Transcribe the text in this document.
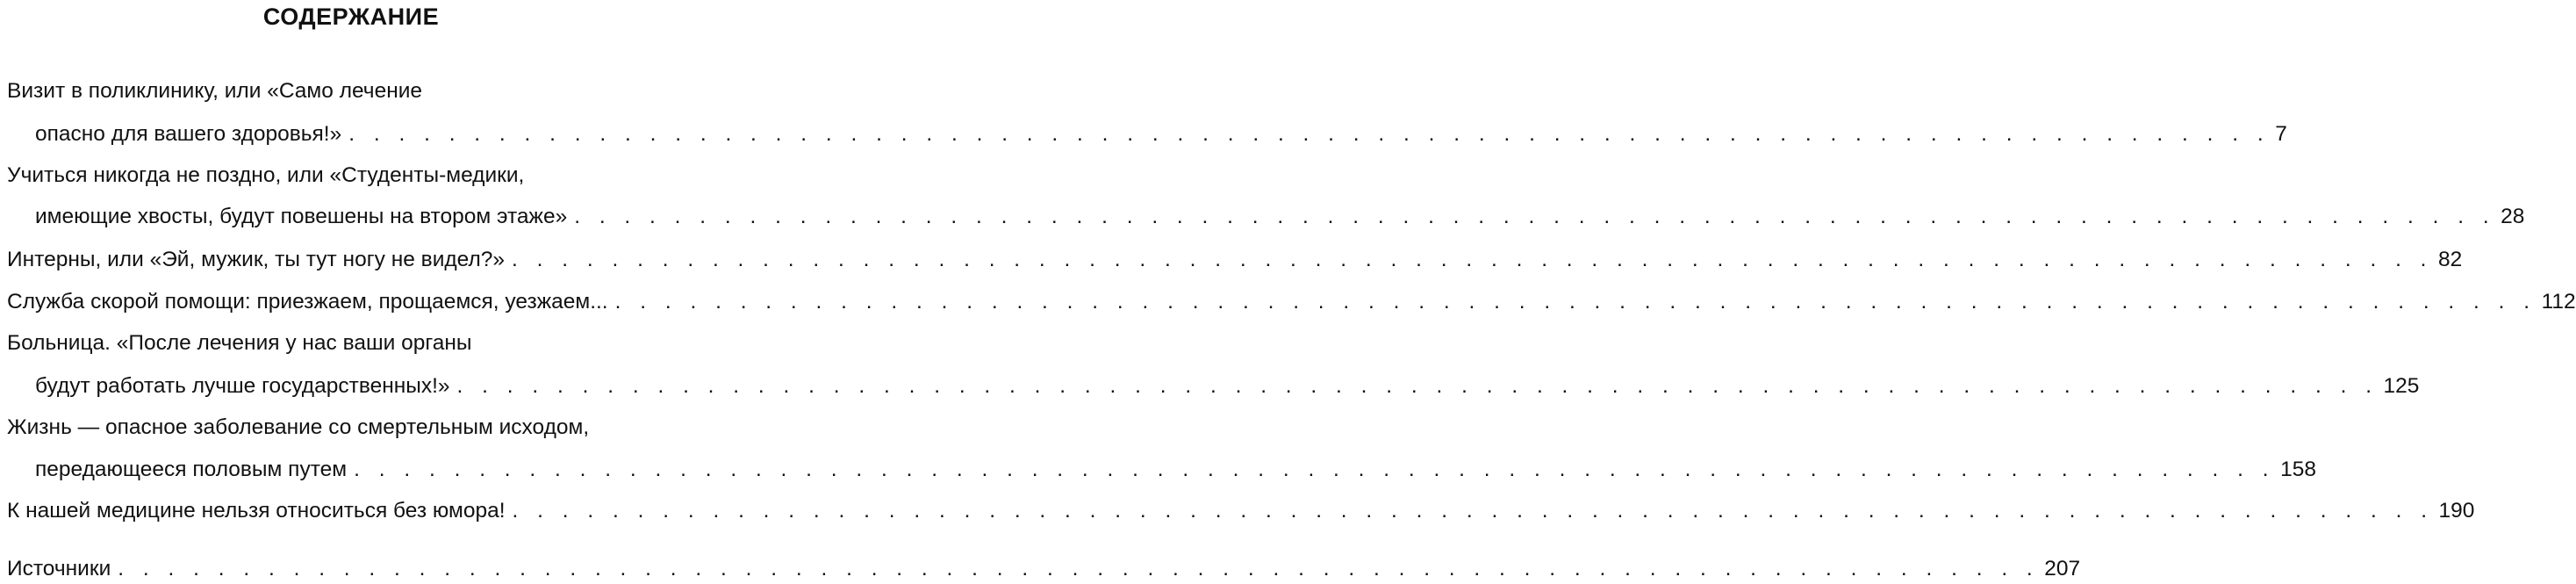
СОДЕРЖАНИЕ
Визит в поликлинику, или «Само лечение
опасно для вашего здоровья!» . . . . . . . . . . . . . . . . . . . . . . . . . . . . . . . . . . . . . . . . . . . . . . . . . . . . . . . . . . . . . . . . . . . . . . . . . . . . . 7
Учиться никогда не поздно, или «Студенты-медики,
имеющие хвосты, будут повешены на втором этаже» . . . . . . . . . . . . . . . . . . . . . . . . . . . . . . . . . . . . . . . . . . . . . . . . . . . . . . . . . . . . . . . . . . . . . . . . . . . . . 28
Интерны, или «Эй, мужик, ты тут ногу не видел?» . . . . . . . . . . . . . . . . . . . . . . . . . . . . . . . . . . . . . . . . . . . . . . . . . . . . . . . . . . . . . . . . . . . . . . . . . . . . . 82
Служба скорой помощи: приезжаем, прощаемся, уезжаем... . . . . . . . . . . . . . . . . . . . . . . . . . . . . . . . . . . . . . . . . . . . . . . . . . . . . . . . . . . . . . . . . . . . . . . . . . . . . . 112
Больница. «После лечения у нас ваши органы
будут работать лучше государственных!» . . . . . . . . . . . . . . . . . . . . . . . . . . . . . . . . . . . . . . . . . . . . . . . . . . . . . . . . . . . . . . . . . . . . . . . . . . . . . 125
Жизнь — опасное заболевание со смертельным исходом,
передающееся половым путем . . . . . . . . . . . . . . . . . . . . . . . . . . . . . . . . . . . . . . . . . . . . . . . . . . . . . . . . . . . . . . . . . . . . . . . . . . . . . 158
К нашей медицине нельзя относиться без юмора! . . . . . . . . . . . . . . . . . . . . . . . . . . . . . . . . . . . . . . . . . . . . . . . . . . . . . . . . . . . . . . . . . . . . . . . . . . . . . 190
Источники . . . . . . . . . . . . . . . . . . . . . . . . . . . . . . . . . . . . . . . . . . . . . . . . . . . . . . . . . . . . . . . . . . . . . . . . . . . . . 207
